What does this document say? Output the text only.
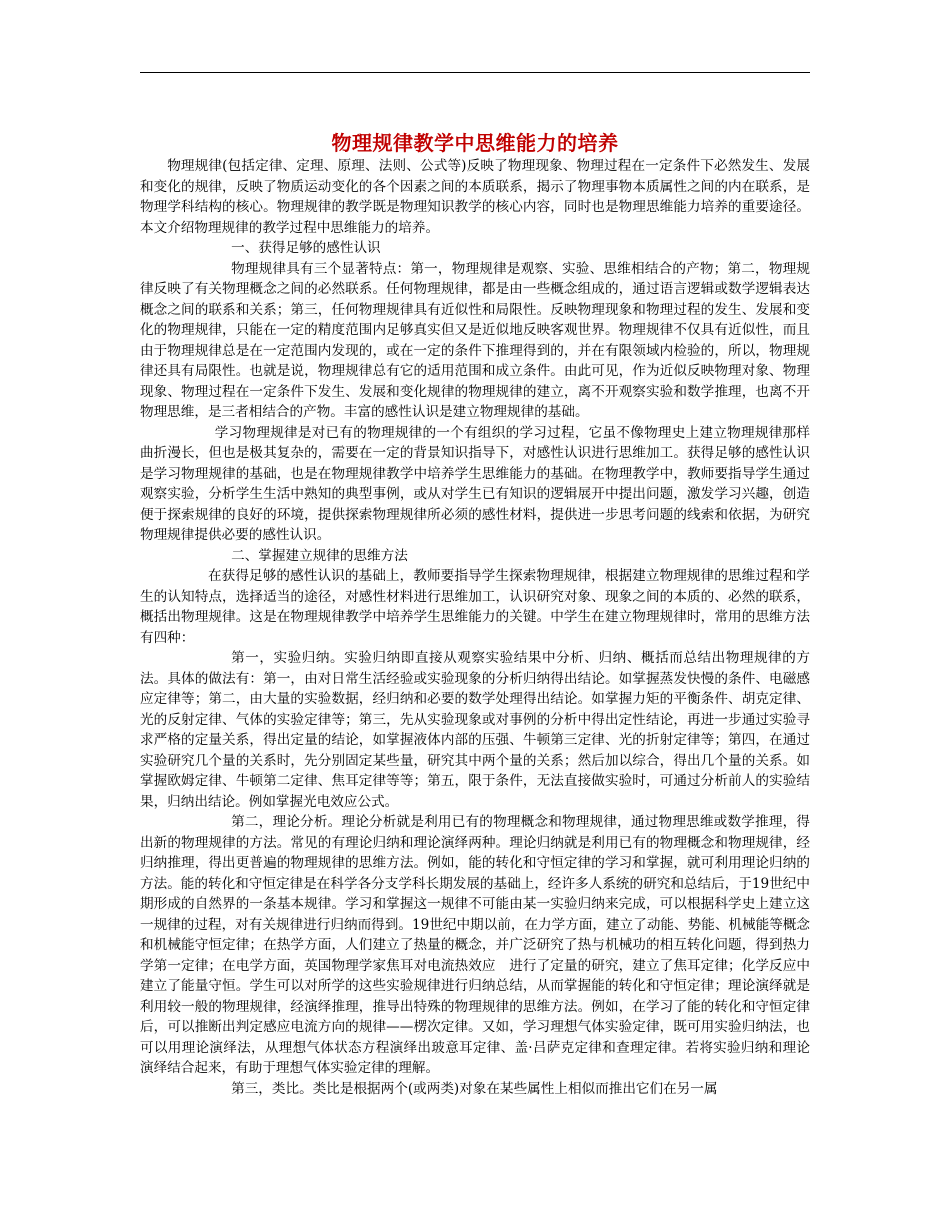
物理规律教学中思维能力的培养

物理规律(包括定律、定理、原理、法则、公式等)反映了物理现象、物理过程在一定条件下必然发生、发展和变化的规律，反映了物质运动变化的各个因素之间的本质联系，揭示了物理事物本质属性之间的内在联系，是物理学科结构的核心。物理规律的教学既是物理知识教学的核心内容，同时也是物理思维能力培养的重要途径。本文介绍物理规律的教学过程中思维能力的培养。

一、获得足够的感性认识

物理规律具有三个显著特点：第一，物理规律是观察、实验、思维相结合的产物；第二，物理规律反映了有关物理概念之间的必然联系。任何物理规律，都是由一些概念组成的，通过语言逻辑或数学逻辑表达概念之间的联系和关系；第三，任何物理规律具有近似性和局限性。反映物理现象和物理过程的发生、发展和变化的物理规律，只能在一定的精度范围内足够真实但又是近似地反映客观世界。物理规律不仅具有近似性，而且由于物理规律总是在一定范围内发现的，或在一定的条件下推理得到的，并在有限领域内检验的，所以，物理规律还具有局限性。也就是说，物理规律总有它的适用范围和成立条件。由此可见，作为近似反映物理对象、物理现象、物理过程在一定条件下发生、发展和变化规律的物理规律的建立，离不开观察实验和数学推理，也离不开物理思维，是三者相结合的产物。丰富的感性认识是建立物理规律的基础。

学习物理规律是对已有的物理规律的一个有组织的学习过程，它虽不像物理史上建立物理规律那样曲折漫长，但也是极其复杂的，需要在一定的背景知识指导下，对感性认识进行思维加工。获得足够的感性认识是学习物理规律的基础，也是在物理规律教学中培养学生思维能力的基础。在物理教学中，教师要指导学生通过观察实验，分析学生生活中熟知的典型事例，或从对学生已有知识的逻辑展开中提出问题，激发学习兴趣，创造便于探索规律的良好的环境，提供探索物理规律所必须的感性材料，提供进一步思考问题的线索和依据，为研究物理规律提供必要的感性认识。

二、掌握建立规律的思维方法

在获得足够的感性认识的基础上，教师要指导学生探索物理规律，根据建立物理规律的思维过程和学生的认知特点，选择适当的途径，对感性材料进行思维加工，认识研究对象、现象之间的本质的、必然的联系，概括出物理规律。这是在物理规律教学中培养学生思维能力的关键。中学生在建立物理规律时，常用的思维方法有四种：

第一，实验归纳。实验归纳即直接从观察实验结果中分析、归纳、概括而总结出物理规律的方法。具体的做法有：第一，由对日常生活经验或实验现象的分析归纳得出结论。如掌握蒸发快慢的条件、电磁感应定律等；第二，由大量的实验数据，经归纳和必要的数学处理得出结论。如掌握力矩的平衡条件、胡克定律、光的反射定律、气体的实验定律等；第三，先从实验现象或对事例的分析中得出定性结论，再进一步通过实验寻求严格的定量关系，得出定量的结论，如掌握液体内部的压强、牛顿第三定律、光的折射定律等；第四，在通过实验研究几个量的关系时，先分别固定某些量，研究其中两个量的关系；然后加以综合，得出几个量的关系。如掌握欧姆定律、牛顿第二定律、焦耳定律等等；第五，限于条件，无法直接做实验时，可通过分析前人的实验结果，归纳出结论。例如掌握光电效应公式。

第二，理论分析。理论分析就是利用已有的物理概念和物理规律，通过物理思维或数学推理，得出新的物理规律的方法。常见的有理论归纳和理论演绎两种。理论归纳就是利用已有的物理概念和物理规律，经归纳推理，得出更普遍的物理规律的思维方法。例如，能的转化和守恒定律的学习和掌握，就可利用理论归纳的方法。能的转化和守恒定律是在科学各分支学科长期发展的基础上，经许多人系统的研究和总结后，于19世纪中期形成的自然界的一条基本规律。学习和掌握这一规律不可能由某一实验归纳来完成，可以根据科学史上建立这一规律的过程，对有关规律进行归纳而得到。19世纪中期以前，在力学方面，建立了动能、势能、机械能等概念和机械能守恒定律；在热学方面，人们建立了热量的概念，并广泛研究了热与机械功的相互转化问题，得到热力学第一定律；在电学方面，英国物理学家焦耳对电流热效应　进行了定量的研究，建立了焦耳定律；化学反应中建立了能量守恒。学生可以对所学的这些实验规律进行归纳总结，从而掌握能的转化和守恒定律；理论演绎就是利用较一般的物理规律，经演绎推理，推导出特殊的物理规律的思维方法。例如，在学习了能的转化和守恒定律后，可以推断出判定感应电流方向的规律——楞次定律。又如，学习理想气体实验定律，既可用实验归纳法，也可以用理论演绎法，从理想气体状态方程演绎出玻意耳定律、盖·吕萨克定律和查理定律。若将实验归纳和理论演绎结合起来，有助于理想气体实验定律的理解。

第三，类比。类比是根据两个(或两类)对象在某些属性上相似而推出它们在另一属
